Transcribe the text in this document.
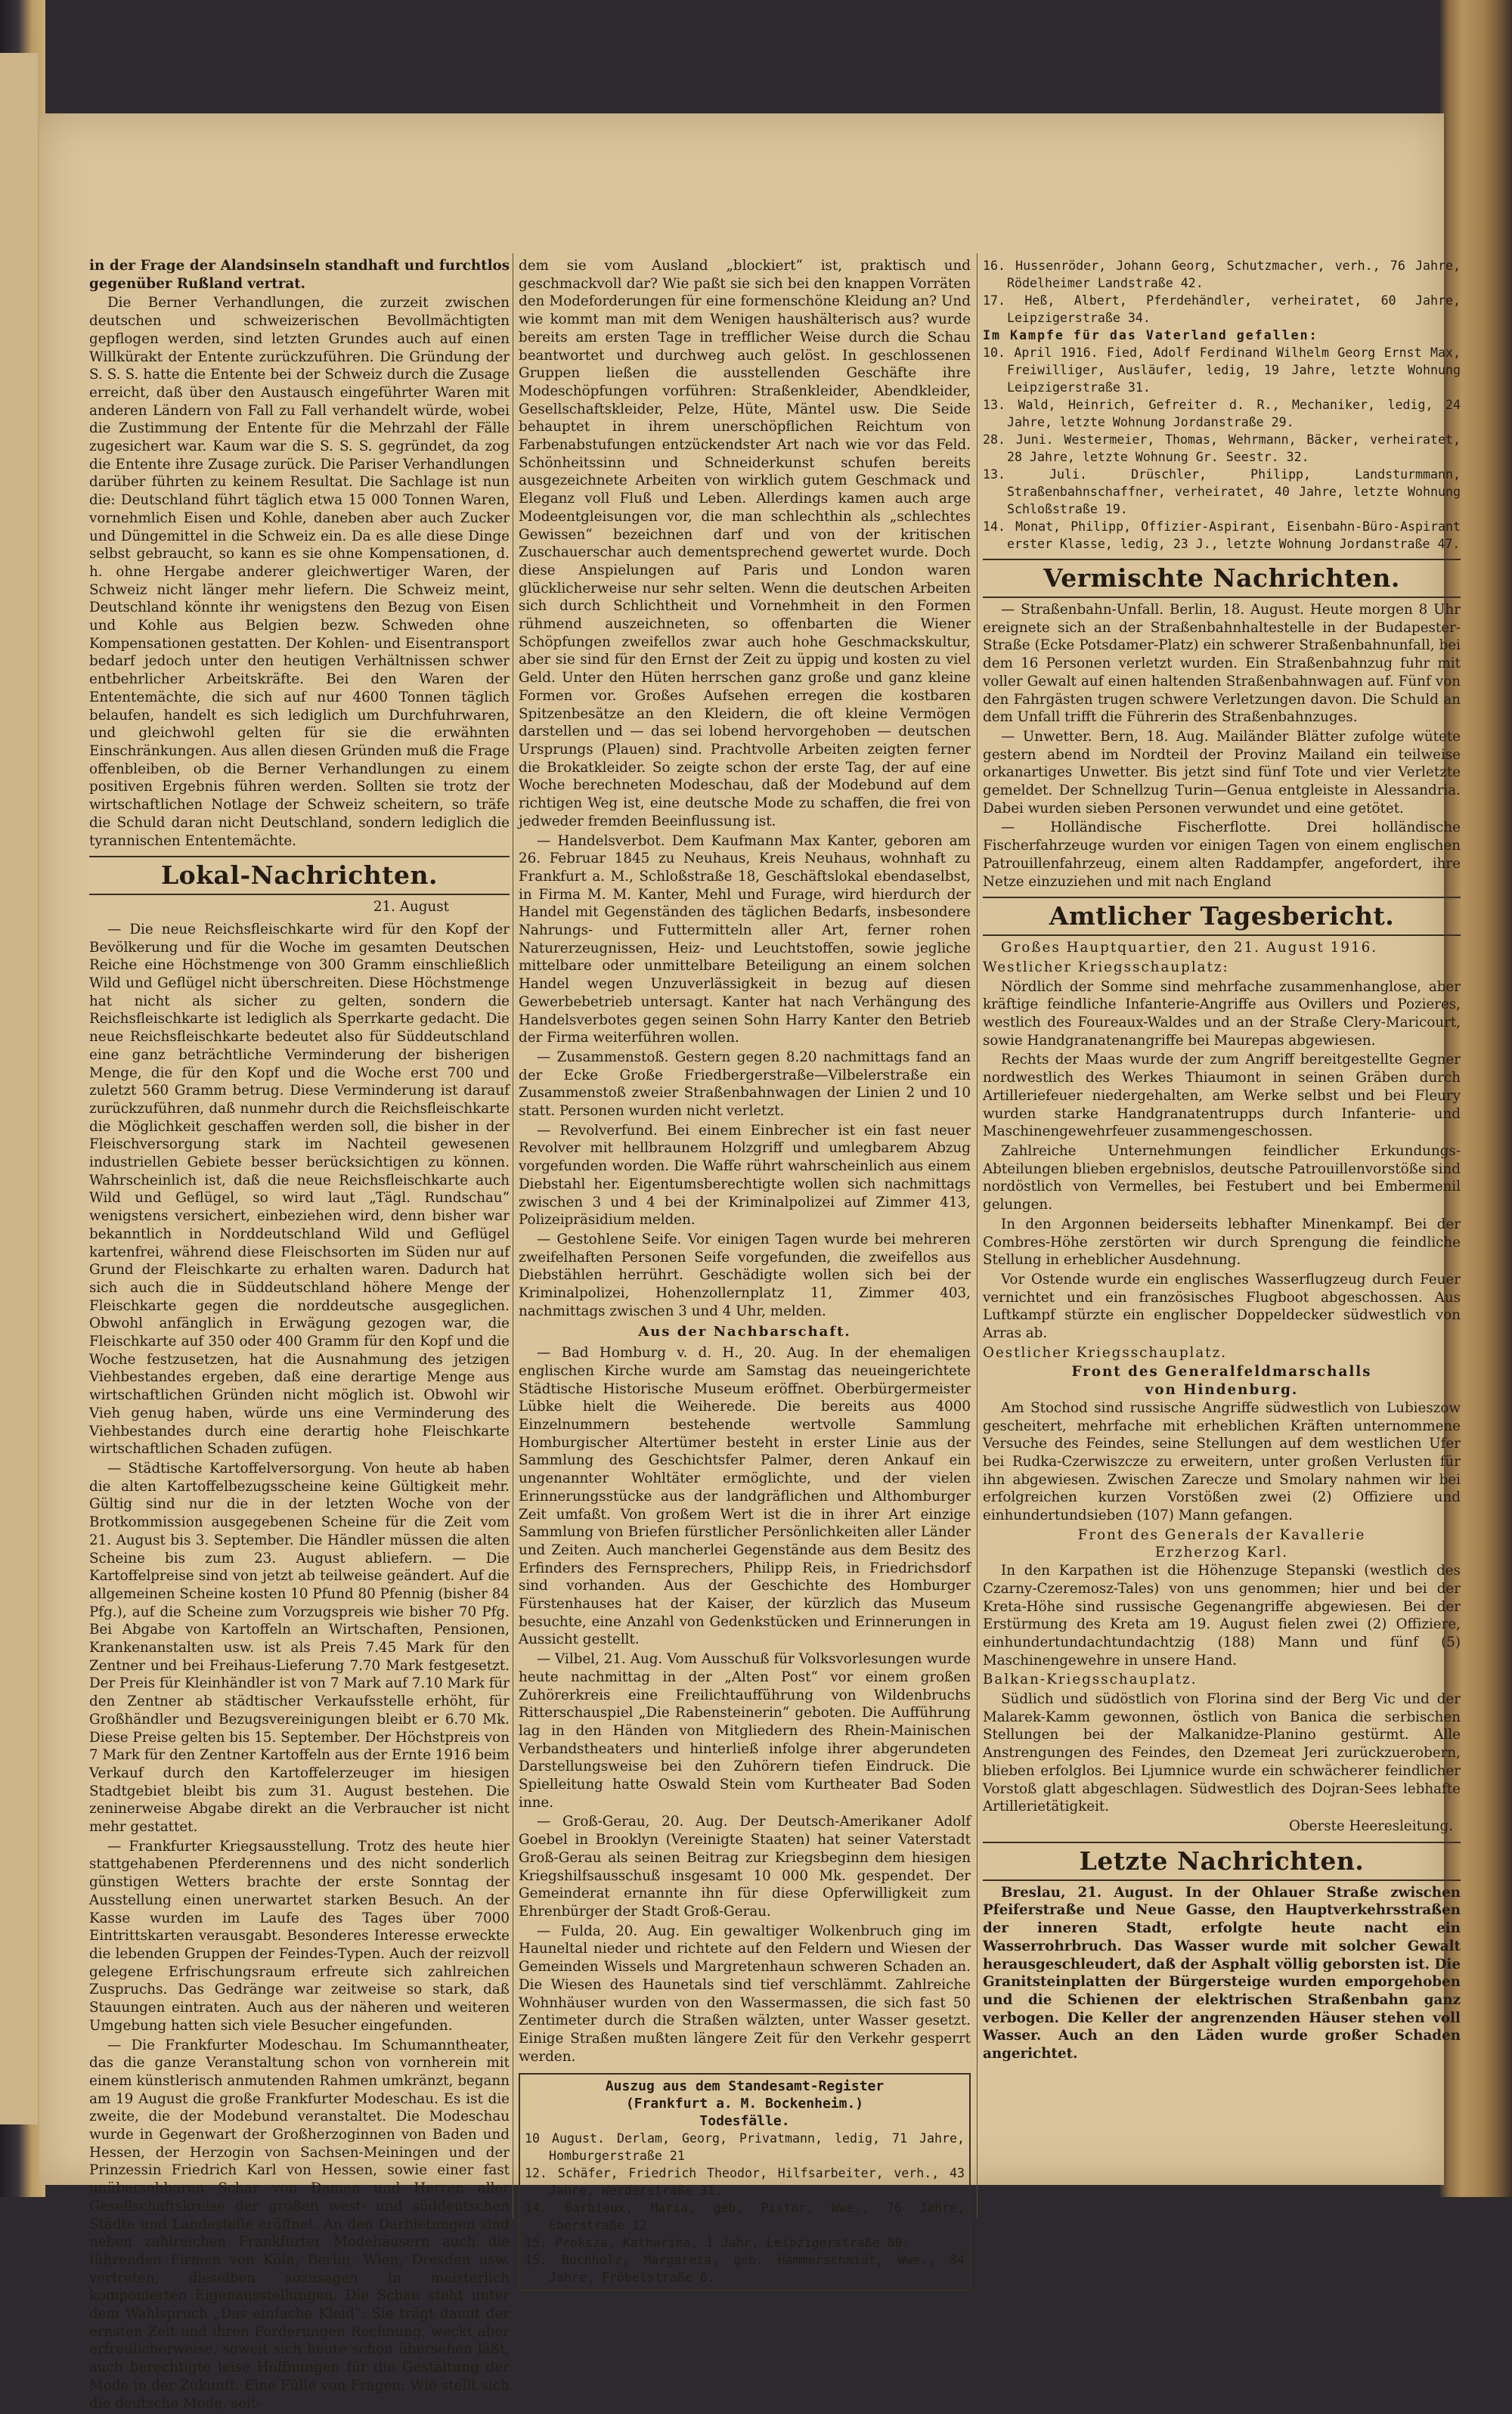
in der Frage der Alandsinseln standhaft und furchtlos gegenüber Rußland vertrat.

Die Berner Verhandlungen, die zurzeit zwischen deutschen und schweizerischen Bevollmächtigten gepflogen werden, sind letzten Grundes auch auf einen Willkürakt der Entente zurückzuführen. Die Gründung der S. S. S. hatte die Entente bei der Schweiz durch die Zusage erreicht, daß über den Austausch eingeführter Waren mit anderen Ländern von Fall zu Fall verhandelt würde, wobei die Zustimmung der Entente für die Mehrzahl der Fälle zugesichert war. Kaum war die S. S. S. gegründet, da zog die Entente ihre Zusage zurück. Die Pariser Verhandlungen darüber führten zu keinem Resultat. Die Sachlage ist nun die: Deutschland führt täglich etwa 15 000 Tonnen Waren, vornehmlich Eisen und Kohle, daneben aber auch Zucker und Düngemittel in die Schweiz ein. Da es alle diese Dinge selbst gebraucht, so kann es sie ohne Kompensationen, d. h. ohne Hergabe anderer gleichwertiger Waren, der Schweiz nicht länger mehr liefern. Die Schweiz meint, Deutschland könnte ihr wenigstens den Bezug von Eisen und Kohle aus Belgien bezw. Schweden ohne Kompensationen gestatten. Der Kohlen- und Eisentransport bedarf jedoch unter den heutigen Verhältnissen schwer entbehrlicher Arbeitskräfte. Bei den Waren der Ententemächte, die sich auf nur 4600 Tonnen täglich belaufen, handelt es sich lediglich um Durchfuhrwaren, und gleichwohl gelten für sie die erwähnten Einschränkungen. Aus allen diesen Gründen muß die Frage offenbleiben, ob die Berner Verhandlungen zu einem positiven Ergebnis führen werden. Sollten sie trotz der wirtschaftlichen Notlage der Schweiz scheitern, so träfe die Schuld daran nicht Deutschland, sondern lediglich die tyrannischen Ententemächte.

Lokal-Nachrichten.
21. August

— Die neue Reichsfleischkarte wird für den Kopf der Bevölkerung und für die Woche im gesamten Deutschen Reiche eine Höchstmenge von 300 Gramm einschließlich Wild und Geflügel nicht überschreiten. Diese Höchstmenge hat nicht als sicher zu gelten, sondern die Reichsfleischkarte ist lediglich als Sperrkarte gedacht. Die neue Reichsfleischkarte bedeutet also für Süddeutschland eine ganz beträchtliche Verminderung der bisherigen Menge, die für den Kopf und die Woche erst 700 und zuletzt 560 Gramm betrug. Diese Verminderung ist darauf zurückzuführen, daß nunmehr durch die Reichsfleischkarte die Möglichkeit geschaffen werden soll, die bisher in der Fleischversorgung stark im Nachteil gewesenen industriellen Gebiete besser berücksichtigen zu können. Wahrscheinlich ist, daß die neue Reichsfleischkarte auch Wild und Geflügel, so wird laut „Tägl. Rundschau“ wenigstens versichert, einbeziehen wird, denn bisher war bekanntlich in Norddeutschland Wild und Geflügel kartenfrei, während diese Fleischsorten im Süden nur auf Grund der Fleischkarte zu erhalten waren. Dadurch hat sich auch die in Süddeutschland höhere Menge der Fleischkarte gegen die norddeutsche ausgeglichen. Obwohl anfänglich in Erwägung gezogen war, die Fleischkarte auf 350 oder 400 Gramm für den Kopf und die Woche festzusetzen, hat die Ausnahmung des jetzigen Viehbestandes ergeben, daß eine derartige Menge aus wirtschaftlichen Gründen nicht möglich ist. Obwohl wir Vieh genug haben, würde uns eine Verminderung des Viehbestandes durch eine derartig hohe Fleischkarte wirtschaftlichen Schaden zufügen.

— Städtische Kartoffelversorgung. Von heute ab haben die alten Kartoffelbezugsscheine keine Gültigkeit mehr. Gültig sind nur die in der letzten Woche von der Brotkommission ausgegebenen Scheine für die Zeit vom 21. August bis 3. September. Die Händler müssen die alten Scheine bis zum 23. August abliefern. — Die Kartoffelpreise sind von jetzt ab teilweise geändert. Auf die allgemeinen Scheine kosten 10 Pfund 80 Pfennig (bisher 84 Pfg.), auf die Scheine zum Vorzugspreis wie bisher 70 Pfg. Bei Abgabe von Kartoffeln an Wirtschaften, Pensionen, Krankenanstalten usw. ist als Preis 7.45 Mark für den Zentner und bei Freihaus-Lieferung 7.70 Mark festgesetzt. Der Preis für Kleinhändler ist von 7 Mark auf 7.10 Mark für den Zentner ab städtischer Verkaufsstelle erhöht, für Großhändler und Bezugsvereinigungen bleibt er 6.70 Mk. Diese Preise gelten bis 15. September. Der Höchstpreis von 7 Mark für den Zentner Kartoffeln aus der Ernte 1916 beim Verkauf durch den Kartoffelerzeuger im hiesigen Stadtgebiet bleibt bis zum 31. August bestehen. Die zeninerweise Abgabe direkt an die Verbraucher ist nicht mehr gestattet.

— Frankfurter Kriegsausstellung. Trotz des heute hier stattgehabenen Pferderennens und des nicht sonderlich günstigen Wetters brachte der erste Sonntag der Ausstellung einen unerwartet starken Besuch. An der Kasse wurden im Laufe des Tages über 7000 Eintrittskarten verausgabt. Besonderes Interesse erweckte die lebenden Gruppen der Feindes-Typen. Auch der reizvoll gelegene Erfrischungsraum erfreute sich zahlreichen Zuspruchs. Das Gedränge war zeitweise so stark, daß Stauungen eintraten. Auch aus der näheren und weiteren Umgebung hatten sich viele Besucher eingefunden.

— Die Frankfurter Modeschau. Im Schumanntheater, das die ganze Veranstaltung schon von vornherein mit einem künstlerisch anmutenden Rahmen umkränzt, begann am 19 August die große Frankfurter Modeschau. Es ist die zweite, die der Modebund veranstaltet. Die Modeschau wurde in Gegenwart der Großherzoginnen von Baden und Hessen, der Herzogin von Sachsen-Meiningen und der Prinzessin Friedrich Karl von Hessen, sowie einer fast unübersehbaren Schar von Damen und Herren aller Gesellschaftskreise der großen west- und süddeutschen Städte und Landesteile eröffnet. An den Darbietungen sind neben zahlreichen Frankfurter Modehäusern auch die führenden Firmen von Köln, Berlin, Wien, Dresden usw. vertreten, dieselben sozusagen in meisterlich komponierten Eigenausstellungen. Die Schau steht unter dem Wahlspruch „Das einfache Kleid“. Sie trägt damit der ernsten Zeit und ihren Forderungen Rechnung, weckt aber erfreulicherweise, soweit sich heute schon übersehen läßt, auch berechtigte leise Hoffnungen für die Gestaltung der Mode in der Zukunft. Eine Fülle von Fragen: Wie stellt sich die deutsche Mode, seit-

dem sie vom Ausland „blockiert“ ist, praktisch und geschmackvoll dar? Wie paßt sie sich bei den knappen Vorräten den Modeforderungen für eine formenschöne Kleidung an? Und wie kommt man mit dem Wenigen haushälterisch aus? wurde bereits am ersten Tage in trefflicher Weise durch die Schau beantwortet und durchweg auch gelöst. In geschlossenen Gruppen ließen die ausstellenden Geschäfte ihre Modeschöpfungen vorführen: Straßenkleider, Abendkleider, Gesellschaftskleider, Pelze, Hüte, Mäntel usw. Die Seide behauptet in ihrem unerschöpflichen Reichtum von Farbenabstufungen entzückendster Art nach wie vor das Feld. Schönheitssinn und Schneiderkunst schufen bereits ausgezeichnete Arbeiten von wirklich gutem Geschmack und Eleganz voll Fluß und Leben. Allerdings kamen auch arge Modeentgleisungen vor, die man schlechthin als „schlechtes Gewissen“ bezeichnen darf und von der kritischen Zuschauerschar auch dementsprechend gewertet wurde. Doch diese Anspielungen auf Paris und London waren glücklicherweise nur sehr selten. Wenn die deutschen Arbeiten sich durch Schlichtheit und Vornehmheit in den Formen rühmend auszeichneten, so offenbarten die Wiener Schöpfungen zweifellos zwar auch hohe Geschmackskultur, aber sie sind für den Ernst der Zeit zu üppig und kosten zu viel Geld. Unter den Hüten herrschen ganz große und ganz kleine Formen vor. Großes Aufsehen erregen die kostbaren Spitzenbesätze an den Kleidern, die oft kleine Vermögen darstellen und — das sei lobend hervorgehoben — deutschen Ursprungs (Plauen) sind. Prachtvolle Arbeiten zeigten ferner die Brokatkleider. So zeigte schon der erste Tag, der auf eine Woche berechneten Modeschau, daß der Modebund auf dem richtigen Weg ist, eine deutsche Mode zu schaffen, die frei von jedweder fremden Beeinflussung ist.

— Handelsverbot. Dem Kaufmann Max Kanter, geboren am 26. Februar 1845 zu Neuhaus, Kreis Neuhaus, wohnhaft zu Frankfurt a. M., Schloßstraße 18, Geschäftslokal ebendaselbst, in Firma M. M. Kanter, Mehl und Furage, wird hierdurch der Handel mit Gegenständen des täglichen Bedarfs, insbesondere Nahrungs- und Futtermitteln aller Art, ferner rohen Naturerzeugnissen, Heiz- und Leuchtstoffen, sowie jegliche mittelbare oder unmittelbare Beteiligung an einem solchen Handel wegen Unzuverlässigkeit in bezug auf diesen Gewerbebetrieb untersagt. Kanter hat nach Verhängung des Handelsverbotes gegen seinen Sohn Harry Kanter den Betrieb der Firma weiterführen wollen.

— Zusammenstoß. Gestern gegen 8.20 nachmittags fand an der Ecke Große Friedbergerstraße—Vilbelerstraße ein Zusammenstoß zweier Straßenbahnwagen der Linien 2 und 10 statt. Personen wurden nicht verletzt.

— Revolverfund. Bei einem Einbrecher ist ein fast neuer Revolver mit hellbraunem Holzgriff und umlegbarem Abzug vorgefunden worden. Die Waffe rührt wahrscheinlich aus einem Diebstahl her. Eigentumsberechtigte wollen sich nachmittags zwischen 3 und 4 bei der Kriminalpolizei auf Zimmer 413, Polizeipräsidium melden.

— Gestohlene Seife. Vor einigen Tagen wurde bei mehreren zweifelhaften Personen Seife vorgefunden, die zweifellos aus Diebstählen herrührt. Geschädigte wollen sich bei der Kriminalpolizei, Hohenzollernplatz 11, Zimmer 403, nachmittags zwischen 3 und 4 Uhr, melden.

Aus der Nachbarschaft.

— Bad Homburg v. d. H., 20. Aug. In der ehemaligen englischen Kirche wurde am Samstag das neueingerichtete Städtische Historische Museum eröffnet. Oberbürgermeister Lübke hielt die Weiherede. Die bereits aus 4000 Einzelnummern bestehende wertvolle Sammlung Homburgischer Altertümer besteht in erster Linie aus der Sammlung des Geschichtsfer Palmer, deren Ankauf ein ungenannter Wohltäter ermöglichte, und der vielen Erinnerungsstücke aus der landgräflichen und Althomburger Zeit umfaßt. Von großem Wert ist die in ihrer Art einzige Sammlung von Briefen fürstlicher Persönlichkeiten aller Länder und Zeiten. Auch mancherlei Gegenstände aus dem Besitz des Erfinders des Fernsprechers, Philipp Reis, in Friedrichsdorf sind vorhanden. Aus der Geschichte des Homburger Fürstenhauses hat der Kaiser, der kürzlich das Museum besuchte, eine Anzahl von Gedenkstücken und Erinnerungen in Aussicht gestellt.

— Vilbel, 21. Aug. Vom Ausschuß für Volksvorlesungen wurde heute nachmittag in der „Alten Post“ vor einem großen Zuhörerkreis eine Freilichtaufführung von Wildenbruchs Ritterschauspiel „Die Rabensteinerin“ geboten. Die Aufführung lag in den Händen von Mitgliedern des Rhein-Mainischen Verbandstheaters und hinterließ infolge ihrer abgerundeten Darstellungsweise bei den Zuhörern tiefen Eindruck. Die Spielleitung hatte Oswald Stein vom Kurtheater Bad Soden inne.

— Groß-Gerau, 20. Aug. Der Deutsch-Amerikaner Adolf Goebel in Brooklyn (Vereinigte Staaten) hat seiner Vaterstadt Groß-Gerau als seinen Beitrag zur Kriegsbeginn dem hiesigen Kriegshilfsausschuß insgesamt 10 000 Mk. gespendet. Der Gemeinderat ernannte ihn für diese Opferwilligkeit zum Ehrenbürger der Stadt Groß-Gerau.

— Fulda, 20. Aug. Ein gewaltiger Wolkenbruch ging im Hauneltal nieder und richtete auf den Feldern und Wiesen der Gemeinden Wissels und Margretenhaun schweren Schaden an. Die Wiesen des Haunetals sind tief verschlämmt. Zahlreiche Wohnhäuser wurden von den Wassermassen, die sich fast 50 Zentimeter durch die Straßen wälzten, unter Wasser gesetzt. Einige Straßen mußten längere Zeit für den Verkehr gesperrt werden.

Auszug aus dem Standesamt-Register
(Frankfurt a. M. Bockenheim.)
Todesfälle.
10 August. Derlam, Georg, Privatmann, ledig, 71 Jahre, Homburgerstraße 21
12. Schäfer, Friedrich Theodor, Hilfsarbeiter, verh., 43 Jahre, Werderstraße 31.
14. Barbieux, Maria, geb. Pistor, Wwe., 76 Jahre, Eberstraße 12
15. Proksza, Katharina, 1 Jahr, Leipzigerstraße 80.
15. Buchholz, Margareta, geb. Hammerschmidt, Wwe., 34 Jahre, Fröbelstraße 6.
16. Hussenröder, Johann Georg, Schutzmacher, verh., 76 Jahre, Rödelheimer Landstraße 42.
17. Heß, Albert, Pferdehändler, verheiratet, 60 Jahre, Leipzigerstraße 34.
Im Kampfe für das Vaterland gefallen:
10. April 1916. Fied, Adolf Ferdinand Wilhelm Georg Ernst Max, Freiwilliger, Ausläufer, ledig, 19 Jahre, letzte Wohnung Leipzigerstraße 31.
13. Wald, Heinrich, Gefreiter d. R., Mechaniker, ledig, 24 Jahre, letzte Wohnung Jordanstraße 29.
28. Juni. Westermeier, Thomas, Wehrmann, Bäcker, verheiratet, 28 Jahre, letzte Wohnung Gr. Seestr. 32.
13. Juli. Drüschler, Philipp, Landsturmmann, Straßenbahnschaffner, verheiratet, 40 Jahre, letzte Wohnung Schloßstraße 19.
14. Monat, Philipp, Offizier-Aspirant, Eisenbahn-Büro-Aspirant erster Klasse, ledig, 23 J., letzte Wohnung Jordanstraße 47.
Vermischte Nachrichten.

— Straßenbahn-Unfall. Berlin, 18. August. Heute morgen 8 Uhr ereignete sich an der Straßenbahnhaltestelle in der Budapester-Straße (Ecke Potsdamer-Platz) ein schwerer Straßenbahnunfall, bei dem 16 Personen verletzt wurden. Ein Straßenbahnzug fuhr mit voller Gewalt auf einen haltenden Straßenbahnwagen auf. Fünf von den Fahrgästen trugen schwere Verletzungen davon. Die Schuld an dem Unfall trifft die Führerin des Straßenbahnzuges.

— Unwetter. Bern, 18. Aug. Mailänder Blätter zufolge wütete gestern abend im Nordteil der Provinz Mailand ein teilweise orkanartiges Unwetter. Bis jetzt sind fünf Tote und vier Verletzte gemeldet. Der Schnellzug Turin—Genua entgleiste in Alessandria. Dabei wurden sieben Personen verwundet und eine getötet.

— Holländische Fischerflotte. Drei holländische Fischerfahrzeuge wurden vor einigen Tagen von einem englischen Patrouillenfahrzeug, einem alten Raddampfer, angefordert, ihre Netze einzuziehen und mit nach England

Amtlicher Tagesbericht.

Großes Hauptquartier, den 21. August 1916.

Westlicher Kriegsschauplatz:

Nördlich der Somme sind mehrfache zusammenhanglose, aber kräftige feindliche Infanterie-Angriffe aus Ovillers und Pozieres, westlich des Foureaux-Waldes und an der Straße Clery-Maricourt, sowie Handgranatenangriffe bei Maurepas abgewiesen.

Rechts der Maas wurde der zum Angriff bereitgestellte Gegner nordwestlich des Werkes Thiaumont in seinen Gräben durch Artilleriefeuer niedergehalten, am Werke selbst und bei Fleury wurden starke Handgranatentrupps durch Infanterie- und Maschinengewehrfeuer zusammengeschossen.

Zahlreiche Unternehmungen feindlicher Erkundungs-Abteilungen blieben ergebnislos, deutsche Patrouillenvorstöße sind nordöstlich von Vermelles, bei Festubert und bei Embermenil gelungen.

In den Argonnen beiderseits lebhafter Minenkampf. Bei der Combres-Höhe zerstörten wir durch Sprengung die feindliche Stellung in erheblicher Ausdehnung.

Vor Ostende wurde ein englisches Wasserflugzeug durch Feuer vernichtet und ein französisches Flugboot abgeschossen. Aus Luftkampf stürzte ein englischer Doppeldecker südwestlich von Arras ab.

Oestlicher Kriegsschauplatz.

Front des Generalfeldmarschalls
von Hindenburg.

Am Stochod sind russische Angriffe südwestlich von Lubieszow gescheitert, mehrfache mit erheblichen Kräften unternommene Versuche des Feindes, seine Stellungen auf dem westlichen Ufer bei Rudka-Czerwiszcze zu erweitern, unter großen Verlusten für ihn abgewiesen. Zwischen Zarecze und Smolary nahmen wir bei erfolgreichen kurzen Vorstößen zwei (2) Offiziere und einhundertundsieben (107) Mann gefangen.

Front des Generals der Kavallerie
Erzherzog Karl.

In den Karpathen ist die Höhenzuge Stepanski (westlich des Czarny-Czeremosz-Tales) von uns genommen; hier und bei der Kreta-Höhe sind russische Gegenangriffe abgewiesen. Bei der Erstürmung des Kreta am 19. August fielen zwei (2) Offiziere, einhundertundachtundachtzig (188) Mann und fünf (5) Maschinengewehre in unsere Hand.

Balkan-Kriegsschauplatz.

Südlich und südöstlich von Florina sind der Berg Vic und der Malarek-Kamm gewonnen, östlich von Banica die serbischen Stellungen bei der Malkanidze-Planino gestürmt. Alle Anstrengungen des Feindes, den Dzemeat Jeri zurückzuerobern, blieben erfolglos. Bei Ljumnice wurde ein schwächerer feindlicher Vorstoß glatt abgeschlagen. Südwestlich des Dojran-Sees lebhafte Artillerietätigkeit.

Oberste Heeresleitung.
Letzte Nachrichten.

Breslau, 21. August. In der Ohlauer Straße zwischen Pfeiferstraße und Neue Gasse, den Hauptverkehrsstraßen der inneren Stadt, erfolgte heute nacht ein Wasserrohrbruch. Das Wasser wurde mit solcher Gewalt herausgeschleudert, daß der Asphalt völlig geborsten ist. Die Granitsteinplatten der Bürgersteige wurden emporgehoben und die Schienen der elektrischen Straßenbahn ganz verbogen. Die Keller der angrenzenden Häuser stehen voll Wasser. Auch an den Läden wurde großer Schaden angerichtet.
